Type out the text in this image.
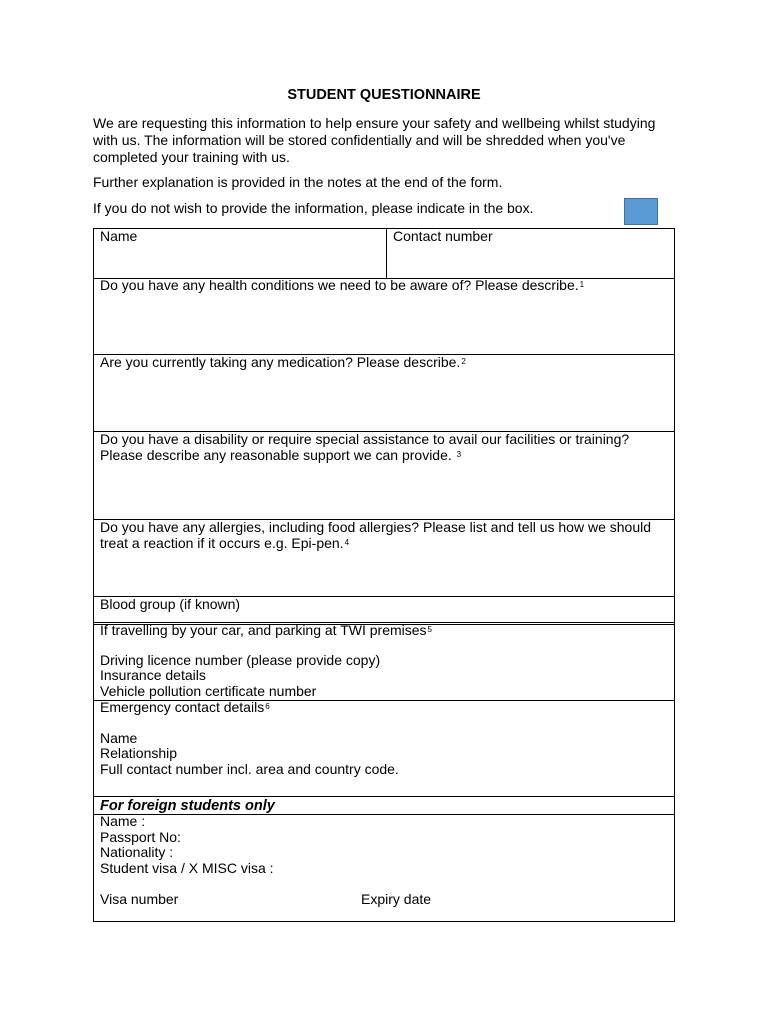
STUDENT QUESTIONNAIRE
We are requesting this information to help ensure your safety and wellbeing whilst studying with us. The information will be stored confidentially and will be shredded when you've completed your training with us.
Further explanation is provided in the notes at the end of the form.
If you do not wish to provide the information, please indicate in the box.
Name	Contact number
Do you have any health conditions we need to be aware of? Please describe.$^1$
Are you currently taking any medication? Please describe.$^2$
Do you have a disability or require special assistance to avail our facilities or training?
Please describe any reasonable support we can provide. $^3$
Do you have any allergies, including food allergies? Please list and tell us how we should
treat a reaction if it occurs e.g. Epi-pen.$^4$
Blood group (if known)
If travelling by your car, and parking at TWI premises$^5$
Driving licence number (please provide copy)
Insurance details
Vehicle pollution certificate number
Emergency contact details$^6$
Name
Relationship
Full contact number incl. area and country code.
For foreign students only
Name :
Passport No:
Nationality :
Student visa / X MISC visa :
Visa number	Expiry date
